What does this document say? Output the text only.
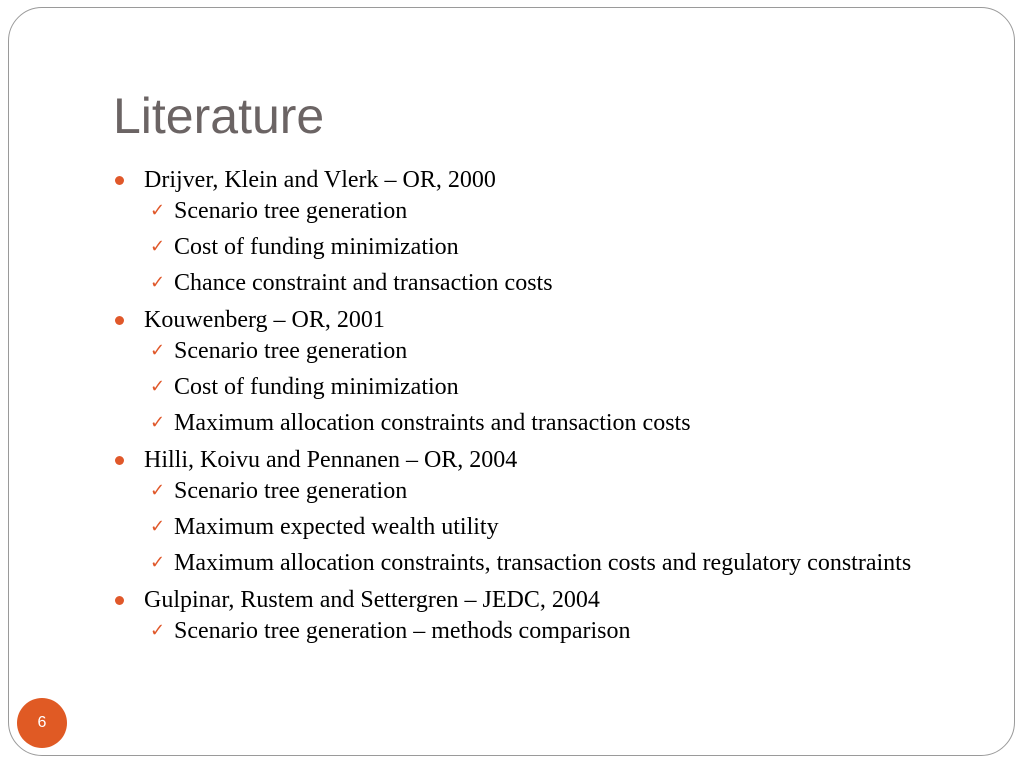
Literature
Drijver, Klein and Vlerk – OR, 2000
✓ Scenario tree generation
✓ Cost of funding minimization
✓ Chance constraint and transaction costs
Kouwenberg – OR, 2001
✓ Scenario tree generation
✓ Cost of funding minimization
✓ Maximum allocation constraints and transaction costs
Hilli, Koivu and Pennanen – OR, 2004
✓ Scenario tree generation
✓ Maximum expected wealth utility
✓ Maximum allocation constraints, transaction costs and regulatory constraints
Gulpinar, Rustem and Settergren – JEDC, 2004
✓ Scenario tree generation – methods comparison
6
